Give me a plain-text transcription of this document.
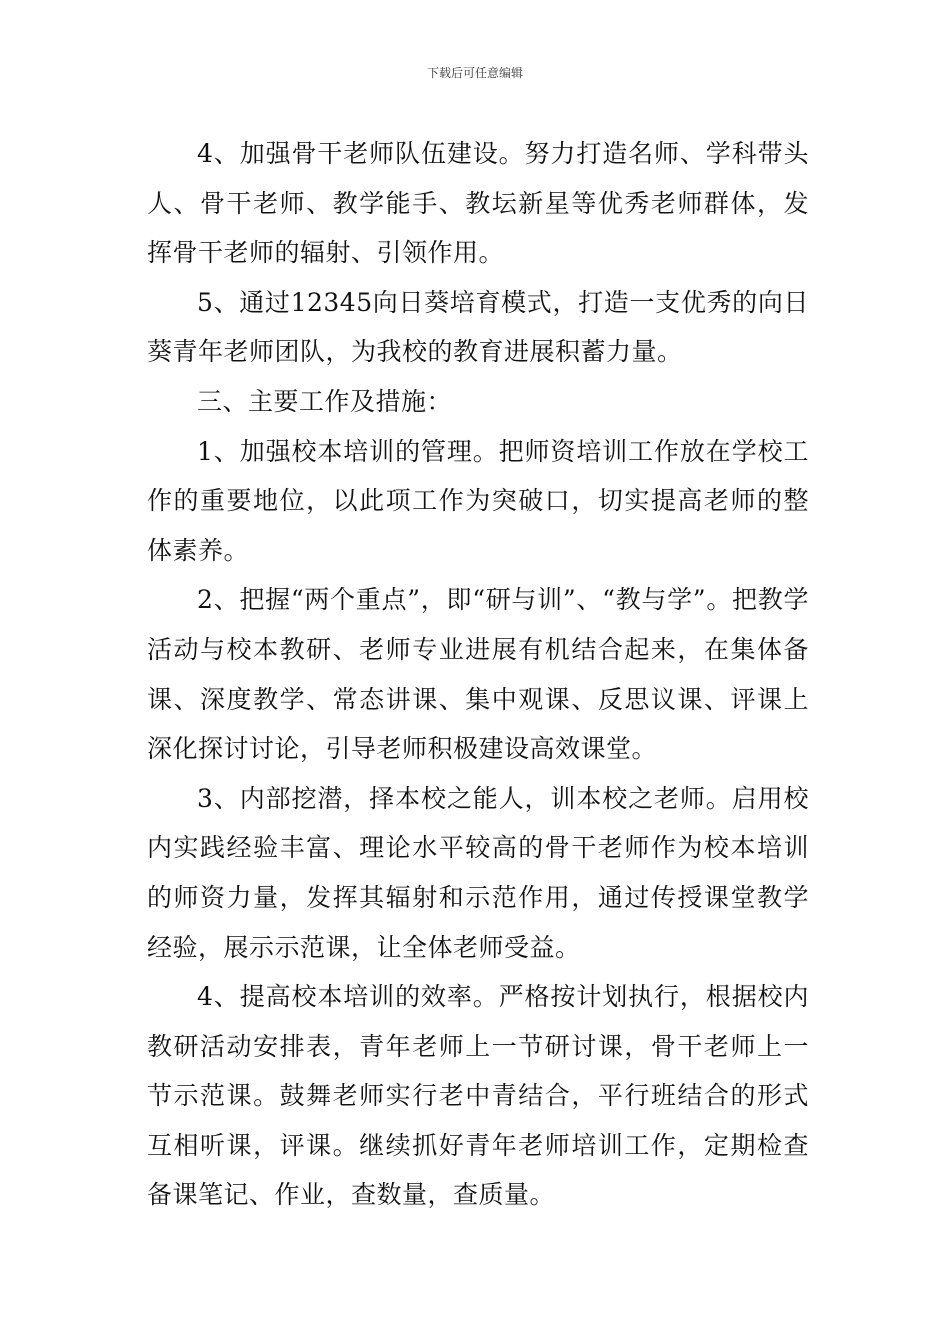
下载后可任意编辑

4、加强骨干老师队伍建设。努力打造名师、学科带头人、骨干老师、教学能手、教坛新星等优秀老师群体，发挥骨干老师的辐射、引领作用。

5、通过12345向日葵培育模式，打造一支优秀的向日葵青年老师团队，为我校的教育进展积蓄力量。

三、主要工作及措施：

1、加强校本培训的管理。把师资培训工作放在学校工作的重要地位，以此项工作为突破口，切实提高老师的整体素养。

2、把握“两个重点”，即“研与训”、“教与学”。把教学活动与校本教研、老师专业进展有机结合起来，在集体备课、深度教学、常态讲课、集中观课、反思议课、评课上深化探讨讨论，引导老师积极建设高效课堂。

3、内部挖潜，择本校之能人，训本校之老师。启用校内实践经验丰富、理论水平较高的骨干老师作为校本培训的师资力量，发挥其辐射和示范作用，通过传授课堂教学经验，展示示范课，让全体老师受益。

4、提高校本培训的效率。严格按计划执行，根据校内教研活动安排表，青年老师上一节研讨课，骨干老师上一节示范课。鼓舞老师实行老中青结合，平行班结合的形式互相听课，评课。继续抓好青年老师培训工作，定期检查备课笔记、作业，查数量，查质量。
